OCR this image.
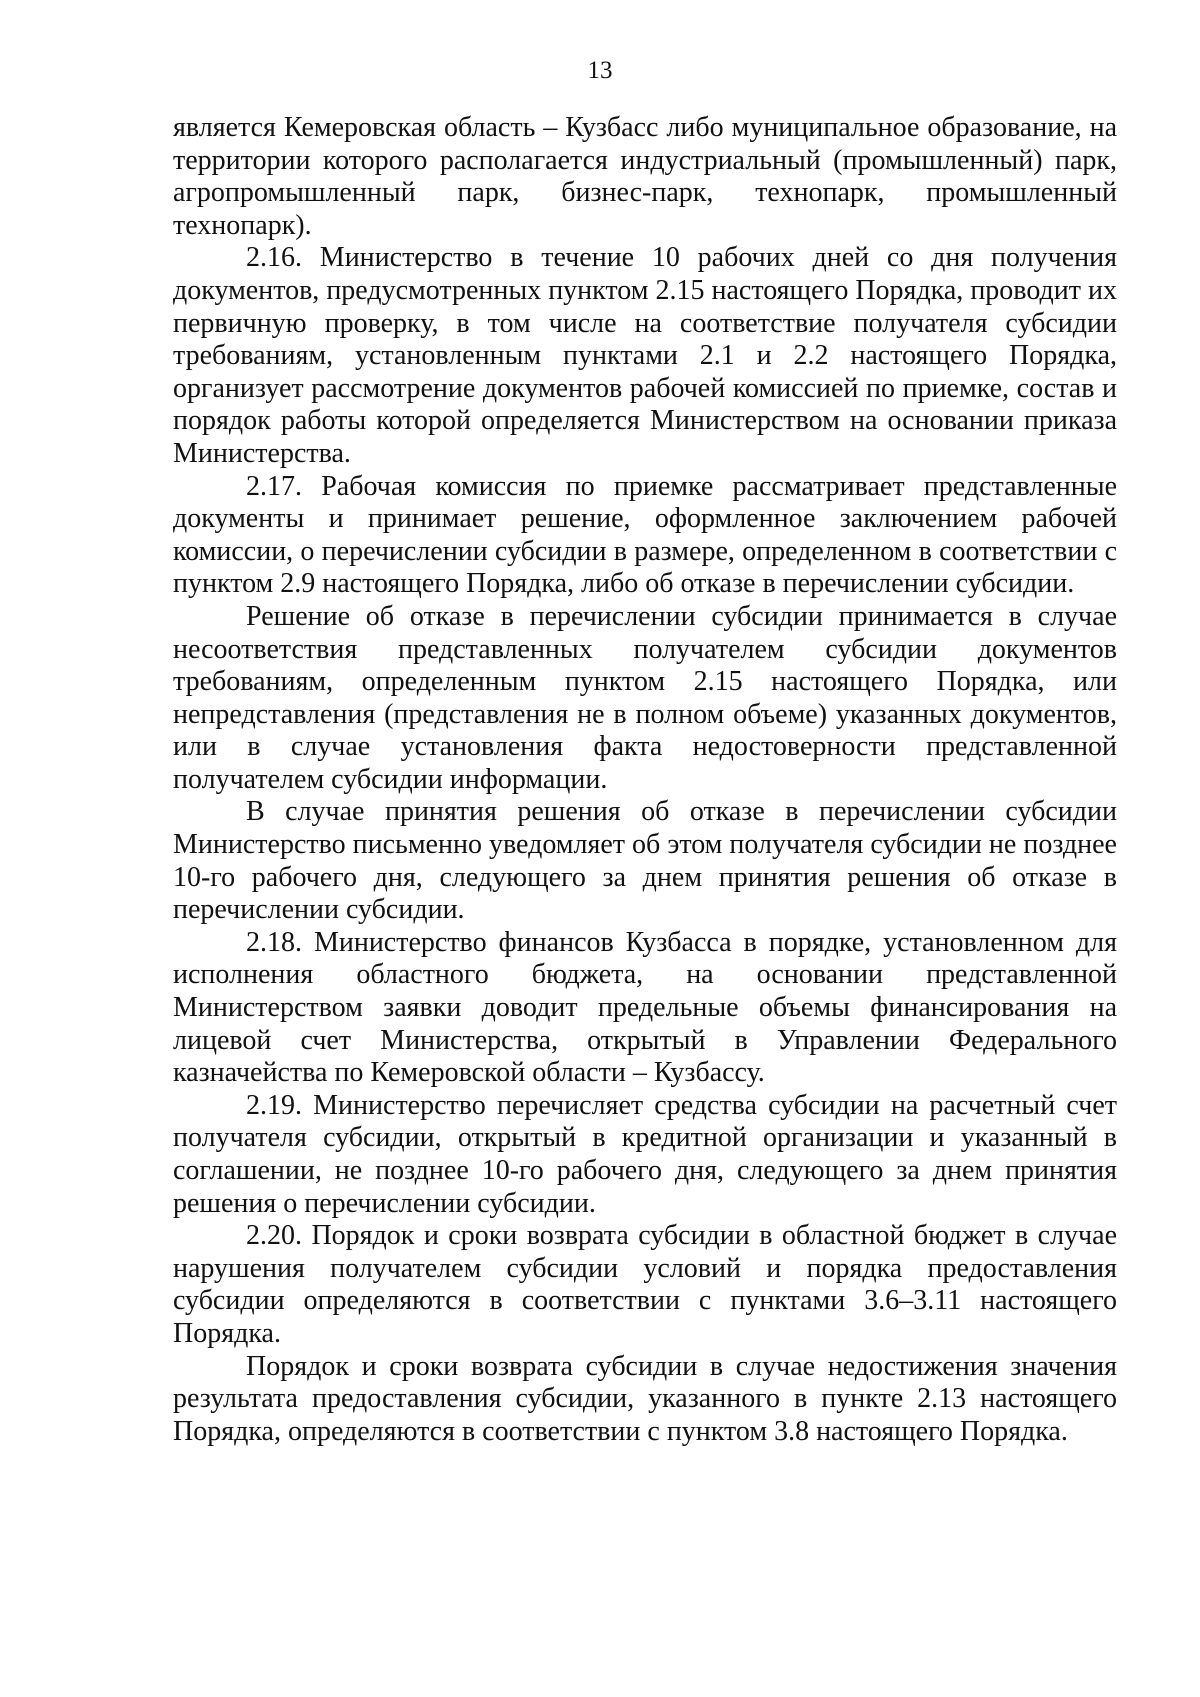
13

является Кемеровская область – Кузбасс либо муниципальное образование, на территории которого располагается индустриальный (промышленный) парк, агропромышленный парк, бизнес-парк, технопарк, промышленный технопарк).

2.16. Министерство в течение 10 рабочих дней со дня получения документов, предусмотренных пунктом 2.15 настоящего Порядка, проводит их первичную проверку, в том числе на соответствие получателя субсидии требованиям, установленным пунктами 2.1 и 2.2 настоящего Порядка, организует рассмотрение документов рабочей комиссией по приемке, состав и порядок работы которой определяется Министерством на основании приказа Министерства.

2.17. Рабочая комиссия по приемке рассматривает представленные документы и принимает решение, оформленное заключением рабочей комиссии, о перечислении субсидии в размере, определенном в соответствии с пунктом 2.9 настоящего Порядка, либо об отказе в перечислении субсидии.

Решение об отказе в перечислении субсидии принимается в случае несоответствия представленных получателем субсидии документов требованиям, определенным пунктом 2.15 настоящего Порядка, или непредставления (представления не в полном объеме) указанных документов, или в случае установления факта недостоверности представленной получателем субсидии информации.

В случае принятия решения об отказе в перечислении субсидии Министерство письменно уведомляет об этом получателя субсидии не позднее 10-го рабочего дня, следующего за днем принятия решения об отказе в перечислении субсидии.

2.18. Министерство финансов Кузбасса в порядке, установленном для исполнения областного бюджета, на основании представленной Министерством заявки доводит предельные объемы финансирования на лицевой счет Министерства, открытый в Управлении Федерального казначейства по Кемеровской области – Кузбассу.

2.19. Министерство перечисляет средства субсидии на расчетный счет получателя субсидии, открытый в кредитной организации и указанный в соглашении, не позднее 10-го рабочего дня, следующего за днем принятия решения о перечислении субсидии.

2.20. Порядок и сроки возврата субсидии в областной бюджет в случае нарушения получателем субсидии условий и порядка предоставления субсидии определяются в соответствии с пунктами 3.6–3.11 настоящего Порядка.

Порядок и сроки возврата субсидии в случае недостижения значения результата предоставления субсидии, указанного в пункте 2.13 настоящего Порядка, определяются в соответствии с пунктом 3.8 настоящего Порядка.
